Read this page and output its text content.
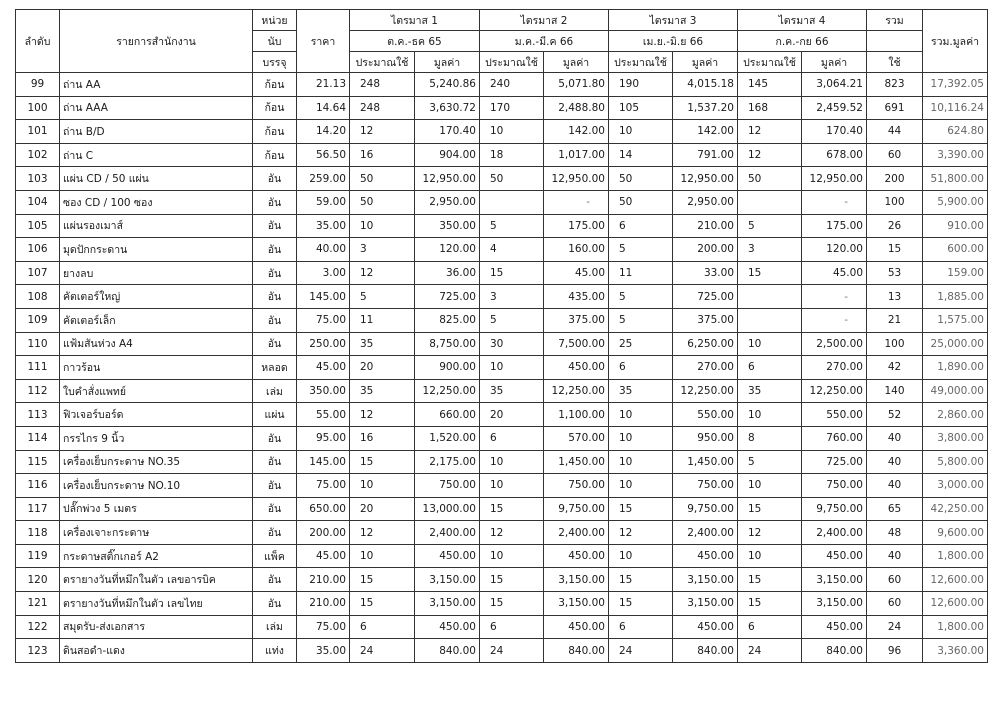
ลำดับ	รายการสำนักงาน	หน่วย	ราคา	ไตรมาส 1		ไตรมาส 2		ไตรมาส 3		ไตรมาส 4		รวม	รวม.มูลค่า
		นับ		ต.ค.-ธค 65		ม.ค.-มี.ค 66		เม.ย.-มิ.ย 66		ก.ค.-กย 66			
		บรรจุ		ประมาณใช้	มูลค่า	ประมาณใช้	มูลค่า	ประมาณใช้	มูลค่า	ประมาณใช้	มูลค่า	ใช้	
99	ถ่าน AA	ก้อน	21.13	248	5,240.86	240	5,071.80	190	4,015.18	145	3,064.21	823	17,392.05
100	ถ่าน AAA	ก้อน	14.64	248	3,630.72	170	2,488.80	105	1,537.20	168	2,459.52	691	10,116.24
101	ถ่าน B/D	ก้อน	14.20	12	170.40	10	142.00	10	142.00	12	170.40	44	624.80
102	ถ่าน C	ก้อน	56.50	16	904.00	18	1,017.00	14	791.00	12	678.00	60	3,390.00
103	แผ่น CD / 50 แผ่น	อัน	259.00	50	12,950.00	50	12,950.00	50	12,950.00	50	12,950.00	200	51,800.00
104	ซอง CD / 100 ซอง	อัน	59.00	50	2,950.00		-	50	2,950.00		-	100	5,900.00
105	แผ่นรองเมาส์	อัน	35.00	10	350.00	5	175.00	6	210.00	5	175.00	26	910.00
106	มุดปักกระดาน	อัน	40.00	3	120.00	4	160.00	5	200.00	3	120.00	15	600.00
107	ยางลบ	อัน	3.00	12	36.00	15	45.00	11	33.00	15	45.00	53	159.00
108	คัตเตอร์ใหญ่	อัน	145.00	5	725.00	3	435.00	5	725.00		-	13	1,885.00
109	คัตเตอร์เล็ก	อัน	75.00	11	825.00	5	375.00	5	375.00		-	21	1,575.00
110	แฟ้มสันห่วง A4	อัน	250.00	35	8,750.00	30	7,500.00	25	6,250.00	10	2,500.00	100	25,000.00
111	กาวร้อน	หลอด	45.00	20	900.00	10	450.00	6	270.00	6	270.00	42	1,890.00
112	ใบคำสั่งแพทย์	เล่ม	350.00	35	12,250.00	35	12,250.00	35	12,250.00	35	12,250.00	140	49,000.00
113	ฟิวเจอร์บอร์ด	แผ่น	55.00	12	660.00	20	1,100.00	10	550.00	10	550.00	52	2,860.00
114	กรรไกร 9 นิ้ว	อัน	95.00	16	1,520.00	6	570.00	10	950.00	8	760.00	40	3,800.00
115	เครื่องเย็บกระดาษ NO.35	อัน	145.00	15	2,175.00	10	1,450.00	10	1,450.00	5	725.00	40	5,800.00
116	เครื่องเย็บกระดาษ NO.10	อัน	75.00	10	750.00	10	750.00	10	750.00	10	750.00	40	3,000.00
117	ปลั๊กพ่วง 5 เมตร	อัน	650.00	20	13,000.00	15	9,750.00	15	9,750.00	15	9,750.00	65	42,250.00
118	เครื่องเจาะกระดาษ	อัน	200.00	12	2,400.00	12	2,400.00	12	2,400.00	12	2,400.00	48	9,600.00
119	กระดาษสติ๊กเกอร์ A2	แพ็ค	45.00	10	450.00	10	450.00	10	450.00	10	450.00	40	1,800.00
120	ตรายางวันที่หมึกในตัว เลขอารบิค	อัน	210.00	15	3,150.00	15	3,150.00	15	3,150.00	15	3,150.00	60	12,600.00
121	ตรายางวันที่หมึกในตัว เลขไทย	อัน	210.00	15	3,150.00	15	3,150.00	15	3,150.00	15	3,150.00	60	12,600.00
122	สมุดรับ-ส่งเอกสาร	เล่ม	75.00	6	450.00	6	450.00	6	450.00	6	450.00	24	1,800.00
123	ดินสอดำ-แดง	แท่ง	35.00	24	840.00	24	840.00	24	840.00	24	840.00	96	3,360.00
